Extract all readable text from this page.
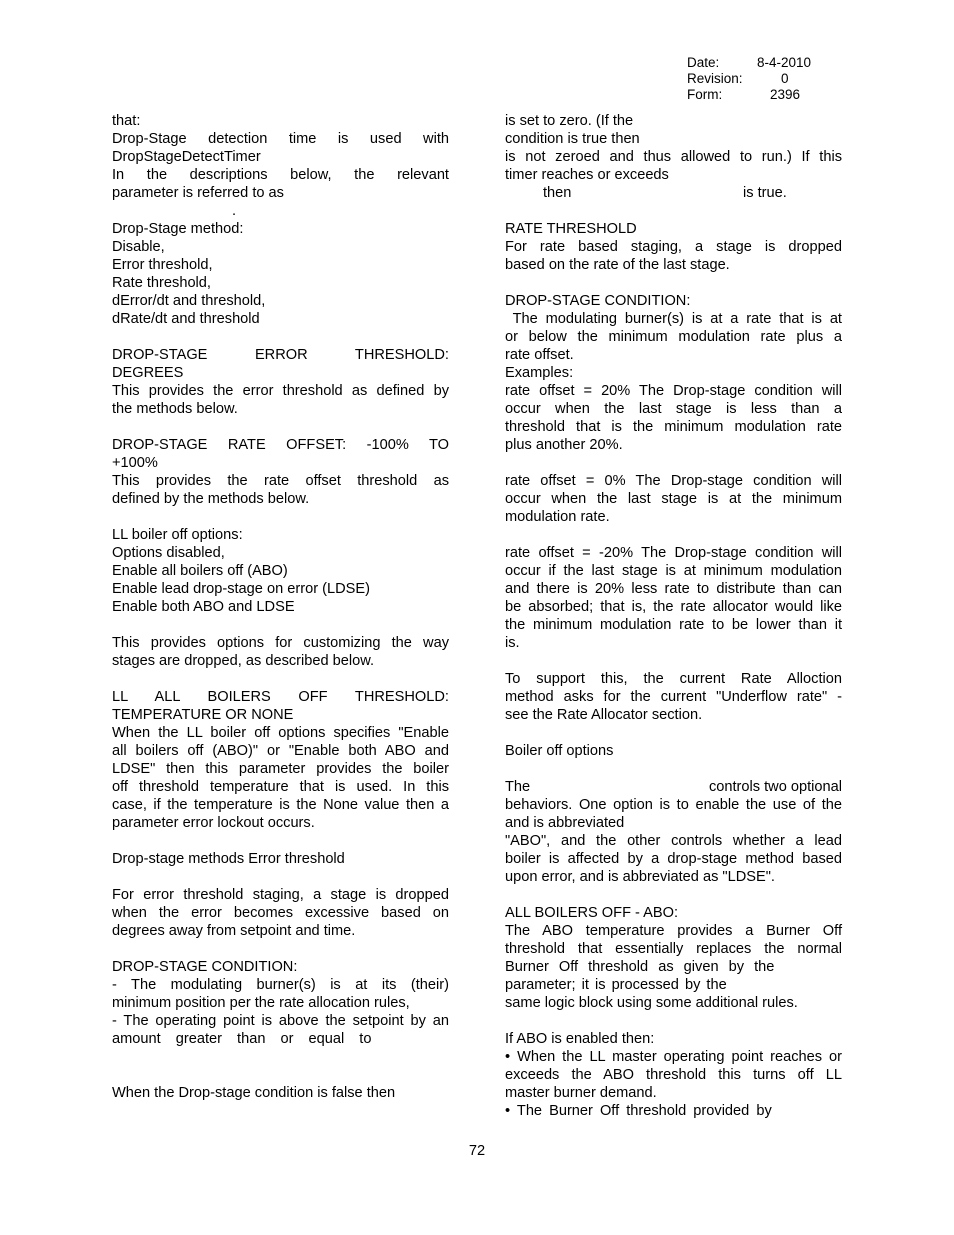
Date:	8-4-2010
Revision:	0
Form:	2396

that:

Drop-Stage detection time is used with

DropStageDetectTimer

In the descriptions below, the relevant

parameter is referred to as

.

Drop-Stage method:

Disable,

Error threshold,

Rate threshold,

dError/dt and threshold,

dRate/dt and threshold

DROP-STAGE ERROR THRESHOLD:

DEGREES

This provides the error threshold as defined by

the methods below.

DROP-STAGE RATE OFFSET: -100% TO

+100%

This provides the rate offset threshold as

defined by the methods below.

LL boiler off options:

Options disabled,

Enable all boilers off (ABO)

Enable lead drop-stage on error (LDSE)

Enable both ABO and LDSE

This provides options for customizing the way

stages are dropped, as described below.

LL ALL BOILERS OFF THRESHOLD:

TEMPERATURE OR NONE

When the LL boiler off options specifies "Enable

all boilers off (ABO)" or "Enable both ABO and

LDSE" then this parameter provides the boiler

off threshold temperature that is used. In this

case, if the temperature is the None value then a

parameter error lockout occurs.

Drop-stage methods Error threshold

For error threshold staging, a stage is dropped

when the error becomes excessive based on

degrees away from setpoint and time.

DROP-STAGE CONDITION:

- The modulating burner(s) is at its (their)

minimum position per the rate allocation rules,

- The operating point is above the setpoint by an

amount greater than or equal to

When the Drop-stage condition is false then

is set to zero. (If the

condition is true then

is not zeroed and thus allowed to run.) If this

timer reaches or exceeds

then	is true.

RATE THRESHOLD

For rate based staging, a stage is dropped

based on the rate of the last stage.

DROP-STAGE CONDITION:

The modulating burner(s) is at a rate that is at

or below the minimum modulation rate plus a

rate offset.

Examples:

rate offset = 20% The Drop-stage condition will

occur when the last stage is less than a

threshold that is the minimum modulation rate

plus another 20%.

rate offset = 0% The Drop-stage condition will

occur when the last stage is at the minimum

modulation rate.

rate offset = -20% The Drop-stage condition will

occur if the last stage is at minimum modulation

and there is 20% less rate to distribute than can

be absorbed; that is, the rate allocator would like

the minimum modulation rate to be lower than it

is.

To support this, the current Rate Alloction

method asks for the current "Underflow rate" -

see the Rate Allocator section.

Boiler off options

The	controls two optional

behaviors. One option is to enable the use of the

and is abbreviated

"ABO", and the other controls whether a lead

boiler is affected by a drop-stage method based

upon error, and is abbreviated as "LDSE".

ALL BOILERS OFF - ABO:

The ABO temperature provides a Burner Off

threshold that essentially replaces the normal

Burner Off threshold as given by the

parameter; it is processed by the

same logic block using some additional rules.

If ABO is enabled then:

• When the LL master operating point reaches or

exceeds the ABO threshold this turns off LL

master burner demand.

• The Burner Off threshold provided by

72
